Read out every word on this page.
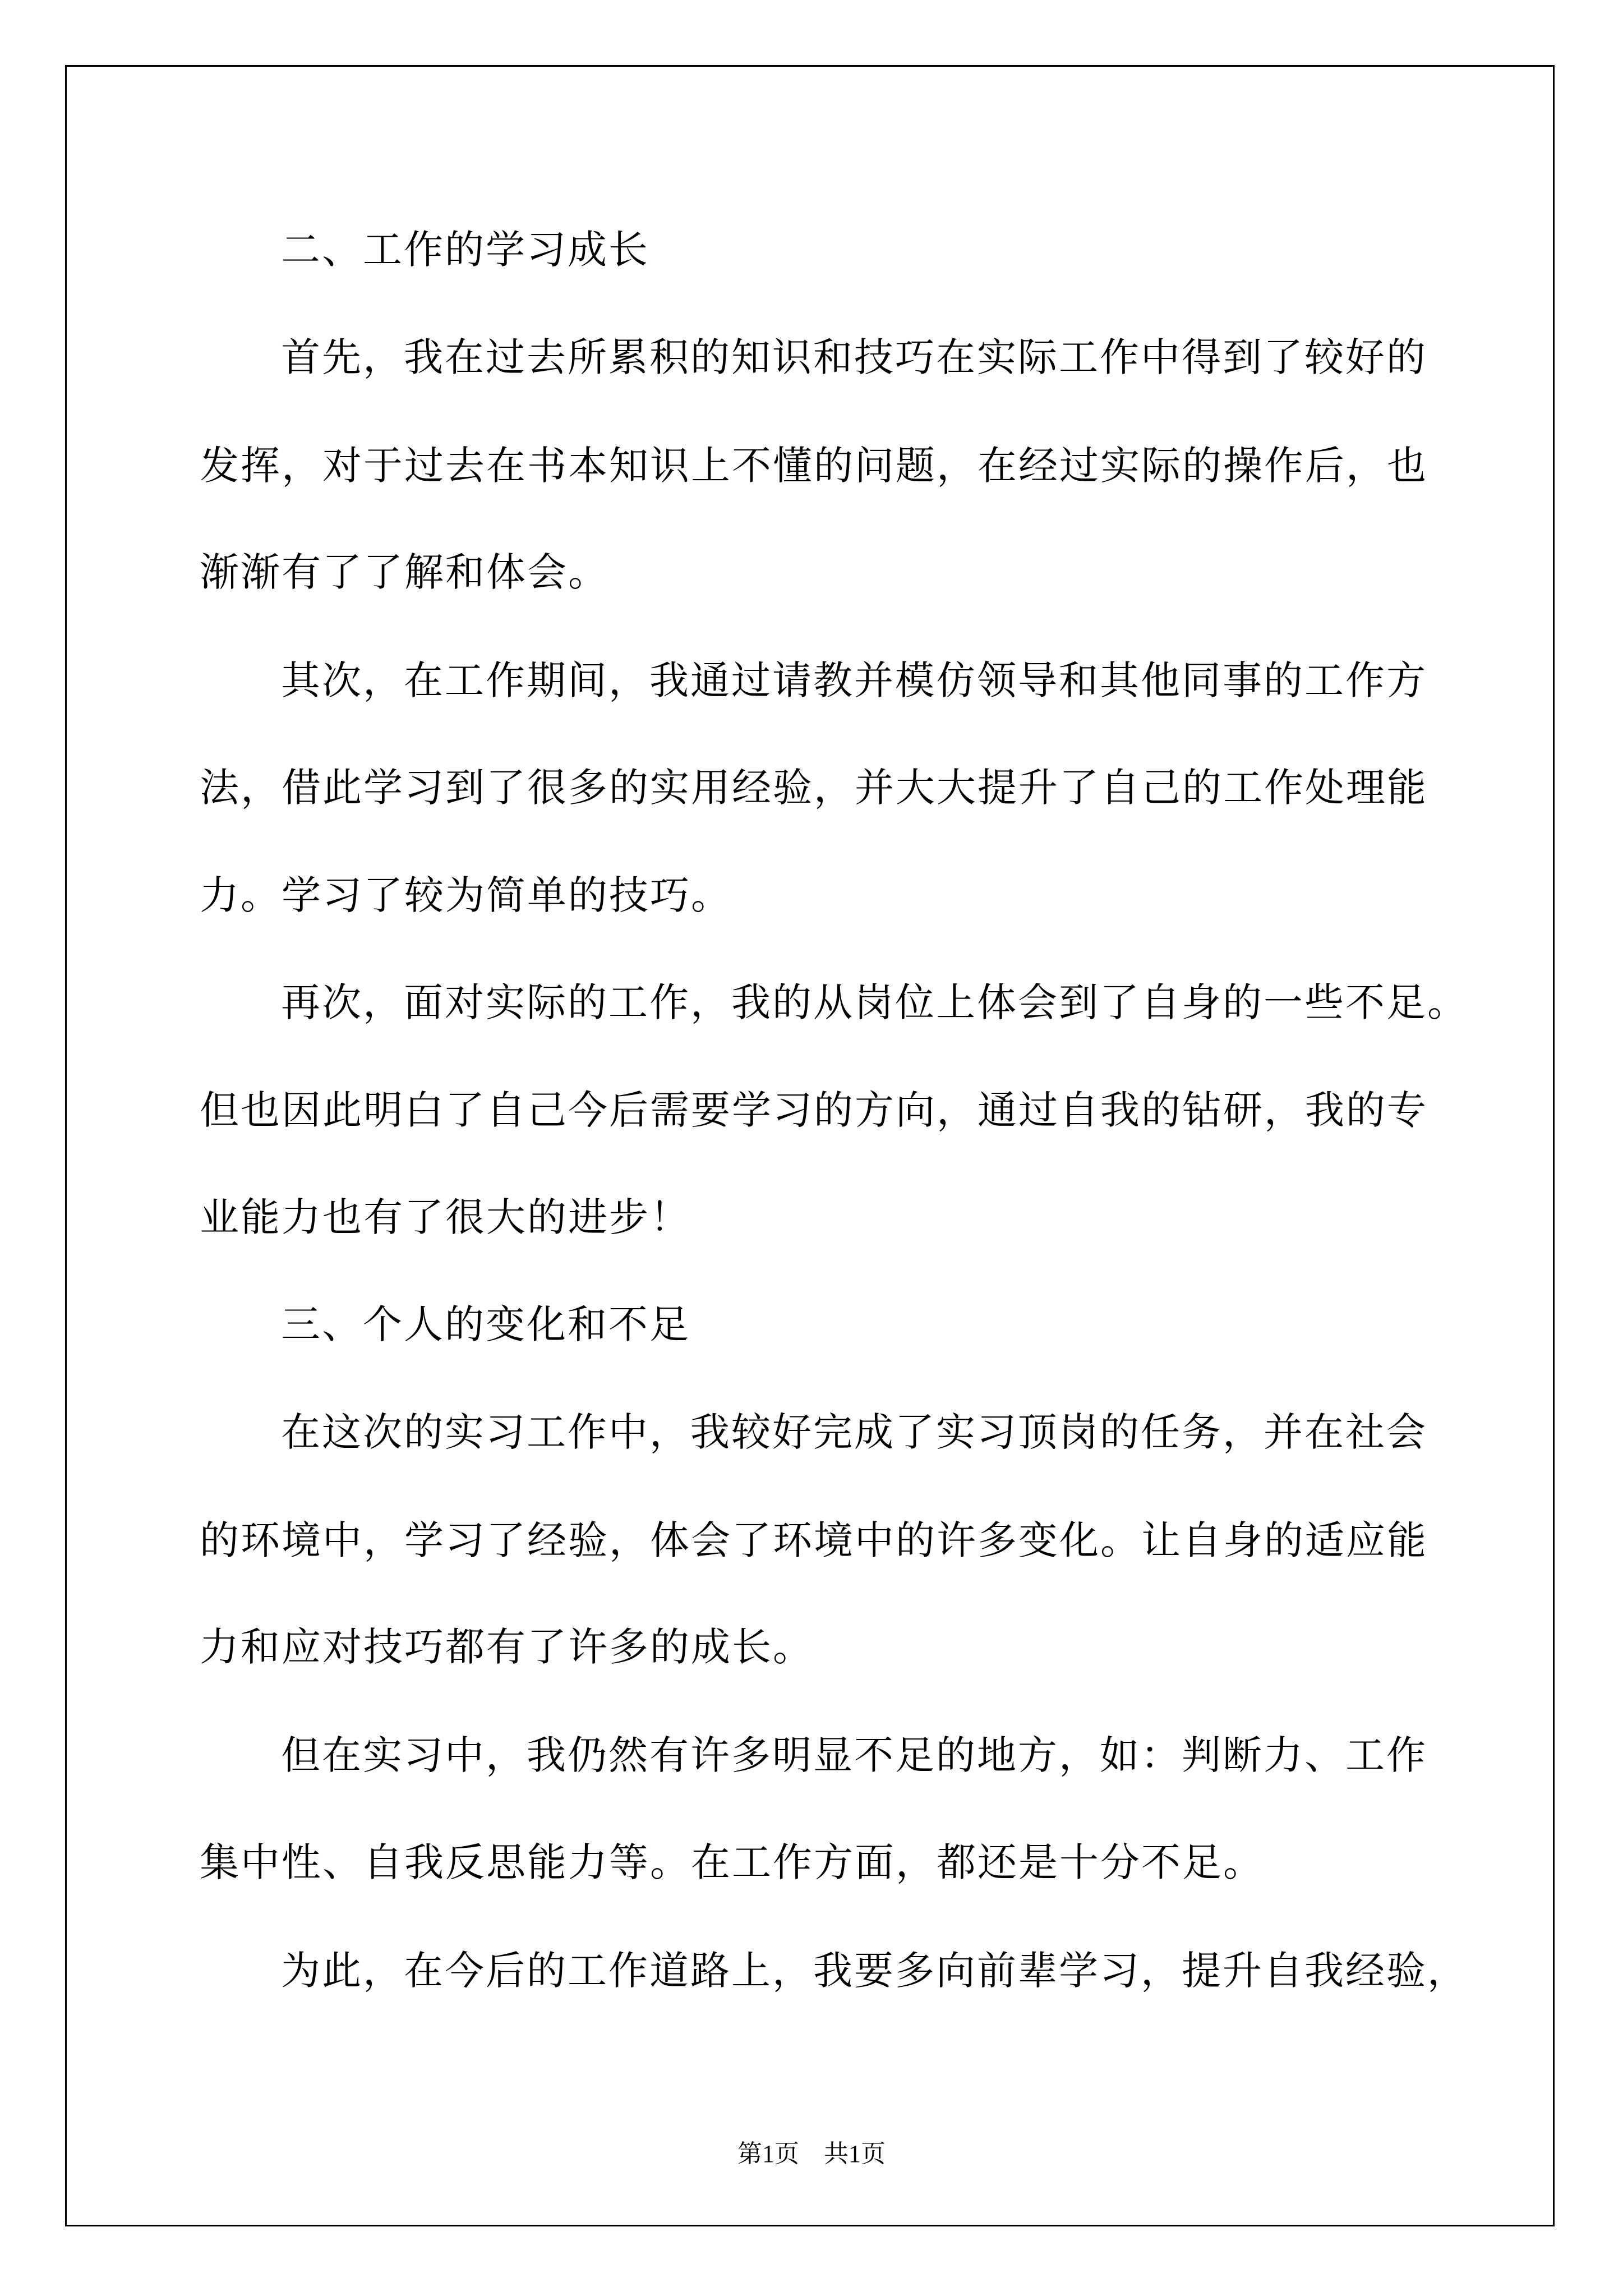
二、工作的学习成长
首先，我在过去所累积的知识和技巧在实际工作中得到了较好的
发挥，对于过去在书本知识上不懂的问题，在经过实际的操作后，也
渐渐有了了解和体会。
其次，在工作期间，我通过请教并模仿领导和其他同事的工作方
法，借此学习到了很多的实用经验，并大大提升了自己的工作处理能
力。学习了较为简单的技巧。
再次，面对实际的工作，我的从岗位上体会到了自身的一些不足。
但也因此明白了自己今后需要学习的方向，通过自我的钻研，我的专
业能力也有了很大的进步！
三、个人的变化和不足
在这次的实习工作中，我较好完成了实习顶岗的任务，并在社会
的环境中，学习了经验，体会了环境中的许多变化。让自身的适应能
力和应对技巧都有了许多的成长。
但在实习中，我仍然有许多明显不足的地方，如：判断力、工作
集中性、自我反思能力等。在工作方面，都还是十分不足。
为此，在今后的工作道路上，我要多向前辈学习，提升自我经验，
第1页　共1页
